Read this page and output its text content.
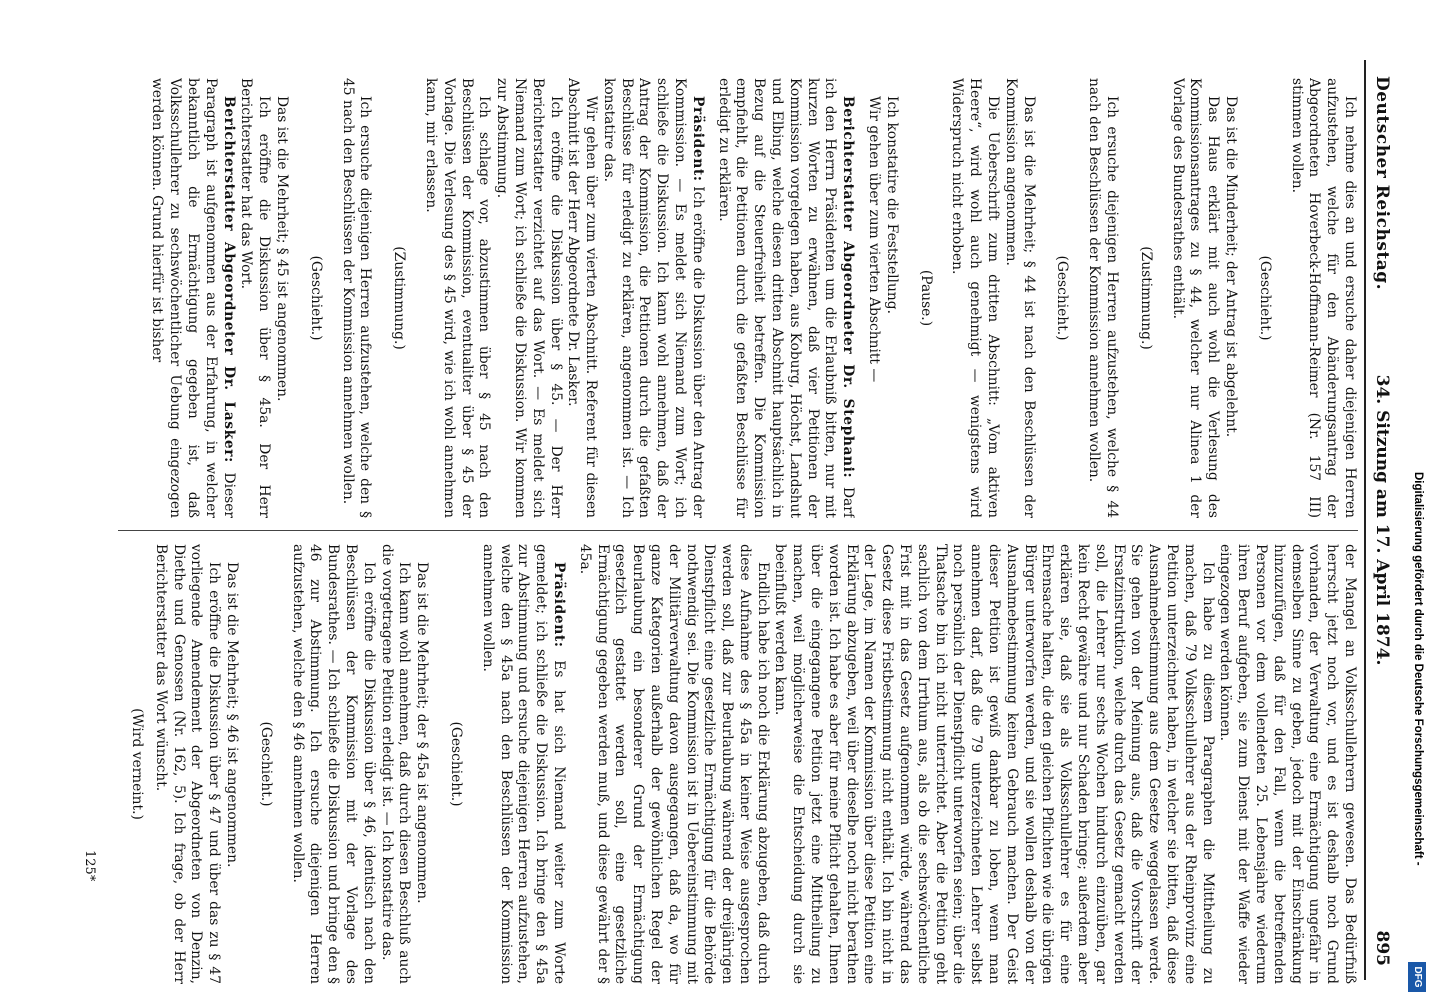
Deutscher Reichstag.
34. Sitzung am 17. April 1874.
895

Ich nehme dies an und ersuche daher diejenigen Herren aufzustehen, welche für den Abänderungsantrag der Abgeordneten Hoverbeck-Hoffmann-Reimer (Nr. 157 III) stimmen wollen.

(Geschieht.)

Das ist die Minderheit; der Antrag ist abgelehnt.

Das Haus erklärt mit auch wohl die Verlesung des Kommissionsantrages zu § 44, welcher nur Alinea 1 der Vorlage des Bundesrathes enthält.

(Zustimmung.)

Ich ersuche diejenigen Herren aufzustehen, welche § 44 nach den Beschlüssen der Kommission annehmen wollen.

(Geschieht.)

Das ist die Mehrheit; § 44 ist nach den Beschlüssen der Kommission angenommen.

Die Ueberschrift zum dritten Abschnitt: „Vom aktiven Heere“, wird wohl auch genehmigt — wenigstens wird Widerspruch nicht erhoben.

(Pause.)

Ich konstatire die Feststellung.

Wir gehen über zum vierten Abschnitt —

Berichterstatter Abgeordneter Dr. Stephani: Darf ich den Herrn Präsidenten um die Erlaubniß bitten, nur mit kurzen Worten zu erwähnen, daß vier Petitionen der Kommission vorgelegen haben, aus Koburg, Höchst, Landshut und Elbing, welche diesen dritten Abschnitt hauptsächlich in Bezug auf die Steuerfreiheit betreffen. Die Kommission empfiehlt, die Petitionen durch die gefaßten Beschlüsse für erledigt zu erklären.

Präsident: Ich eröffne die Diskussion über den Antrag der Kommission. — Es meldet sich Niemand zum Wort; ich schließe die Diskussion. Ich kann wohl annehmen, daß der Antrag der Kommission, die Petitionen durch die gefaßten Beschlüsse für erledigt zu erklären, angenommen ist. — Ich konstatire das.

Wir gehen über zum vierten Abschnitt. Referent für diesen Abschnitt ist der Herr Abgeordnete Dr. Lasker.

Ich eröffne die Diskussion über § 45. — Der Herr Berichterstatter verzichtet auf das Wort. — Es meldet sich Niemand zum Wort; ich schließe die Diskussion. Wir kommen zur Abstimmung.

Ich schlage vor, abzustimmen über § 45 nach den Beschlüssen der Kommission, eventualiter über § 45 der Vorlage. Die Verlesung des § 45 wird, wie ich wohl annehmen kann, mir erlassen.

(Zustimmung.)

Ich ersuche diejenigen Herren aufzustehen, welche den § 45 nach den Beschlüssen der Kommission annehmen wollen.

(Geschieht.)

Das ist die Mehrheit; § 45 ist angenommen.

Ich eröffne die Diskussion über § 45a. Der Herr Berichterstatter hat das Wort.

Berichterstatter Abgeordneter Dr. Lasker: Dieser Paragraph ist aufgenommen aus der Erfahrung, in welcher bekanntlich die Ermächtigung gegeben ist, daß Volksschullehrer zu sechswöchentlicher Uebung eingezogen werden können. Grund hierfür ist bisher

der Mangel an Volksschullehrern gewesen. Das Bedürfniß herrscht jetzt noch vor, und es ist deshalb noch Grund vorhanden, der Verwaltung eine Ermächtigung ungefähr in demselben Sinne zu geben, jedoch mit der Einschränkung hinzuzufügen, daß für den Fall, wenn die betreffenden Personen vor dem vollendeten 25. Lebensjahre wiederum ihren Beruf aufgeben, sie zum Dienst mit der Waffe wieder eingezogen werden können.

Ich habe zu diesem Paragraphen die Mittheilung zu machen, daß 79 Volksschullehrer aus der Rheinprovinz eine Petition unterzeichnet haben, in welcher sie bitten, daß diese Ausnahmebestimmung aus dem Gesetze weggelassen werde. Sie gehen von der Meinung aus, daß die Vorschrift der Ersatzinstruktion, welche durch das Gesetz gemacht werden soll, die Lehrer nur sechs Wochen hindurch einzuüben, gar kein Recht gewähre und nur Schaden bringe; außerdem aber erklären sie, daß sie als Volksschullehrer es für eine Ehrensache halten, die den gleichen Pflichten wie die übrigen Bürger unterworfen werden, und sie wollen deshalb von der Ausnahmebestimmung keinen Gebrauch machen. Der Geist dieser Petition ist gewiß dankbar zu loben, wenn man annehmen darf, daß die 79 unterzeichneten Lehrer selbst noch persönlich der Dienstpflicht unterworfen seien; über die Thatsache bin ich nicht unterrichtet. Aber die Petition geht sachlich von dem Irrthum aus, als ob die sechswöchentliche Frist mit in das Gesetz aufgenommen würde, während das Gesetz diese Fristbestimmung nicht enthält. Ich bin nicht in der Lage, im Namen der Kommission über diese Petition eine Erklärung abzugeben, weil über dieselbe noch nicht berathen worden ist. Ich habe es aber für meine Pflicht gehalten, Ihnen über die eingegangene Petition jetzt eine Mittheilung zu machen, weil möglicherweise die Entscheidung durch sie beeinflußt werden kann.

Endlich habe ich noch die Erklärung abzugeben, daß durch diese Aufnahme des § 45a in keiner Weise ausgesprochen werden soll, daß zur Beurlaubung während der dreijährigen Dienstpflicht eine gesetzliche Ermächtigung für die Behörde nothwendig sei. Die Kommission ist in Uebereinstimmung mit der Militärverwaltung davon ausgegangen, daß da, wo für ganze Kategorien außerhalb der gewöhnlichen Regel der Beurlaubung ein besonderer Grund der Ermächtigung gesetzlich gestattet werden soll, eine gesetzliche Ermächtigung gegeben werden muß, und diese gewährt der § 45a.

Präsident: Es hat sich Niemand weiter zum Worte gemeldet; ich schließe die Diskussion. Ich bringe den § 45a zur Abstimmung und ersuche diejenigen Herren aufzustehen, welche den § 45a nach den Beschlüssen der Kommission annehmen wollen.

(Geschieht.)

Das ist die Mehrheit; der § 45a ist angenommen.

Ich kann wohl annehmen, daß durch diesen Beschluß auch die vorgetragene Petition erledigt ist. — Ich konstatire das.

Ich eröffne die Diskussion über § 46, identisch nach den Beschlüssen der Kommission mit der Vorlage des Bundesrathes. — Ich schließe die Diskussion und bringe den § 46 zur Abstimmung. Ich ersuche diejenigen Herren aufzustehen, welche den § 46 annehmen wollen.

(Geschieht.)

Das ist die Mehrheit; § 46 ist angenommen.

Ich eröffne die Diskussion über § 47 und über das zu § 47 vorliegende Amendement der Abgeordneten von Denzin, Diethe und Genossen (Nr. 162, 5). Ich frage, ob der Herr Berichterstatter das Wort wünscht.

(Wird verneint.)

125*
Digitalisierung gefördert durch die Deutsche Forschungsgemeinschaft -
DFG
